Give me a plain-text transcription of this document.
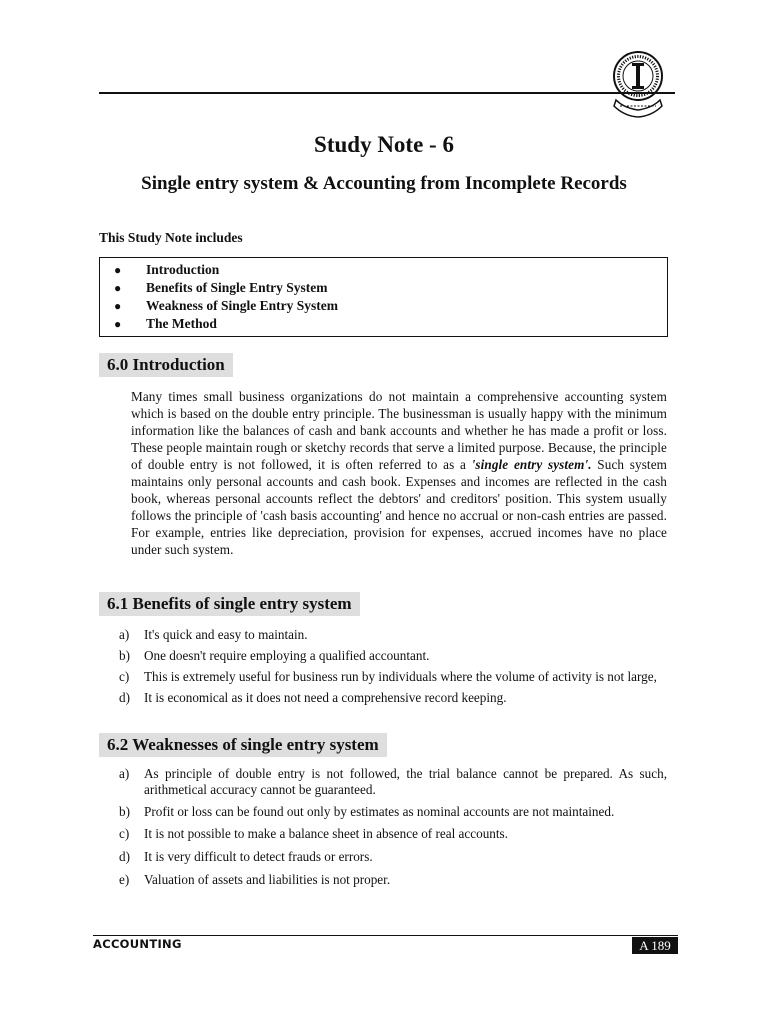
Study Note - 6
Single entry system & Accounting from Incomplete Records
This Study Note includes
●	Introduction
●	Benefits of Single Entry System
●	Weakness of Single Entry System
●	The Method
6.0 Introduction

Many times small business organizations do not maintain a comprehensive accounting system which is based on the double entry principle. The businessman is usually happy with the minimum information like the balances of cash and bank accounts and whether he has made a profit or loss. These people maintain rough or sketchy records that serve a limited purpose. Because, the principle of double entry is not followed, it is often referred to as a 'single entry system'. Such system maintains only personal accounts and cash book. Expenses and incomes are reflected in the cash book, whereas personal accounts reflect the debtors' and creditors' position. This system usually follows the principle of 'cash basis accounting' and hence no accrual or non-cash entries are passed. For example, entries like depreciation, provision for expenses, accrued incomes have no place under such system.

6.1 Benefits of single entry system
a)	It's quick and easy to maintain.
b)	One doesn't require employing a qualified accountant.
c)	This is extremely useful for business run by individuals where the volume of activity is not large,
d)	It is economical as it does not need a comprehensive record keeping.
6.2 Weaknesses of single entry system
a)	As principle of double entry is not followed, the trial balance cannot be prepared. As such, arithmetical accuracy cannot be guaranteed.
b)	Profit or loss can be found out only by estimates as nominal accounts are not maintained.
c)	It is not possible to make a balance sheet in absence of real accounts.
d)	It is very difficult to detect frauds or errors.
e)	Valuation of assets and liabilities is not proper.
ACCOUNTING	A 189
